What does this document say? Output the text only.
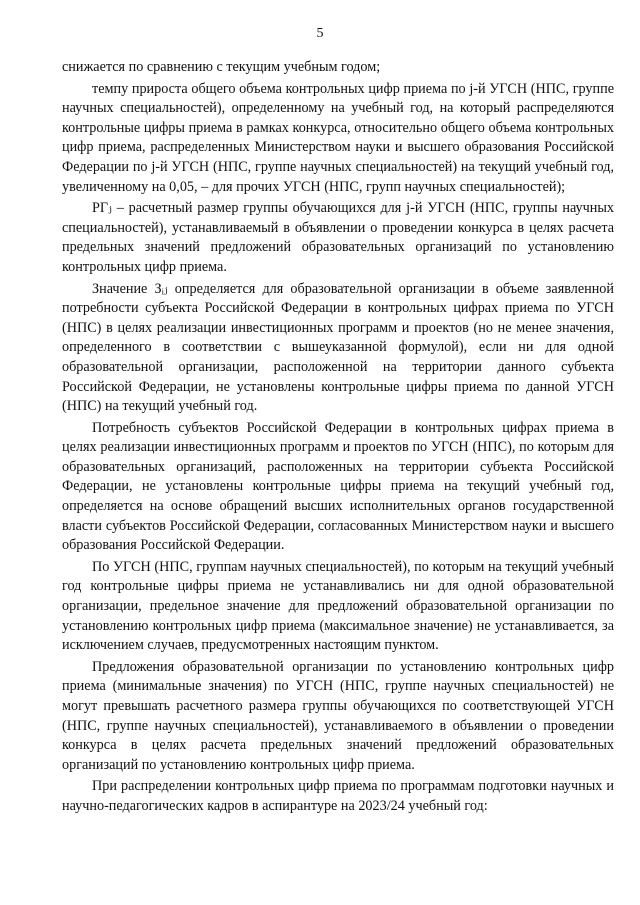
5

снижается по сравнению с текущим учебным годом;

темпу прироста общего объема контрольных цифр приема по j-й УГСН (НПС, группе научных специальностей), определенному на учебный год, на который распределяются контрольные цифры приема в рамках конкурса, относительно общего объема контрольных цифр приема, распределенных Министерством науки и высшего образования Российской Федерации по j-й УГСН (НПС, группе научных специальностей) на текущий учебный год, увеличенному на 0,05, – для прочих УГСН (НПС, групп научных специальностей);

РГⱼ – расчетный размер группы обучающихся для j-й УГСН (НПС, группы научных специальностей), устанавливаемый в объявлении о проведении конкурса в целях расчета предельных значений предложений образовательных организаций по установлению контрольных цифр приема.

Значение Зᵢⱼ определяется для образовательной организации в объеме заявленной потребности субъекта Российской Федерации в контрольных цифрах приема по УГСН (НПС) в целях реализации инвестиционных программ и проектов (но не менее значения, определенного в соответствии с вышеуказанной формулой), если ни для одной образовательной организации, расположенной на территории данного субъекта Российской Федерации, не установлены контрольные цифры приема по данной УГСН (НПС) на текущий учебный год.

Потребность субъектов Российской Федерации в контрольных цифрах приема в целях реализации инвестиционных программ и проектов по УГСН (НПС), по которым для образовательных организаций, расположенных на территории субъекта Российской Федерации, не установлены контрольные цифры приема на текущий учебный год, определяется на основе обращений высших исполнительных органов государственной власти субъектов Российской Федерации, согласованных Министерством науки и высшего образования Российской Федерации.

По УГСН (НПС, группам научных специальностей), по которым на текущий учебный год контрольные цифры приема не устанавливались ни для одной образовательной организации, предельное значение для предложений образовательной организации по установлению контрольных цифр приема (максимальное значение) не устанавливается, за исключением случаев, предусмотренных настоящим пунктом.

Предложения образовательной организации по установлению контрольных цифр приема (минимальные значения) по УГСН (НПС, группе научных специальностей) не могут превышать расчетного размера группы обучающихся по соответствующей УГСН (НПС, группе научных специальностей), устанавливаемого в объявлении о проведении конкурса в целях расчета предельных значений предложений образовательных организаций по установлению контрольных цифр приема.

При распределении контрольных цифр приема по программам подготовки научных и научно-педагогических кадров в аспирантуре на 2023/24 учебный год:
